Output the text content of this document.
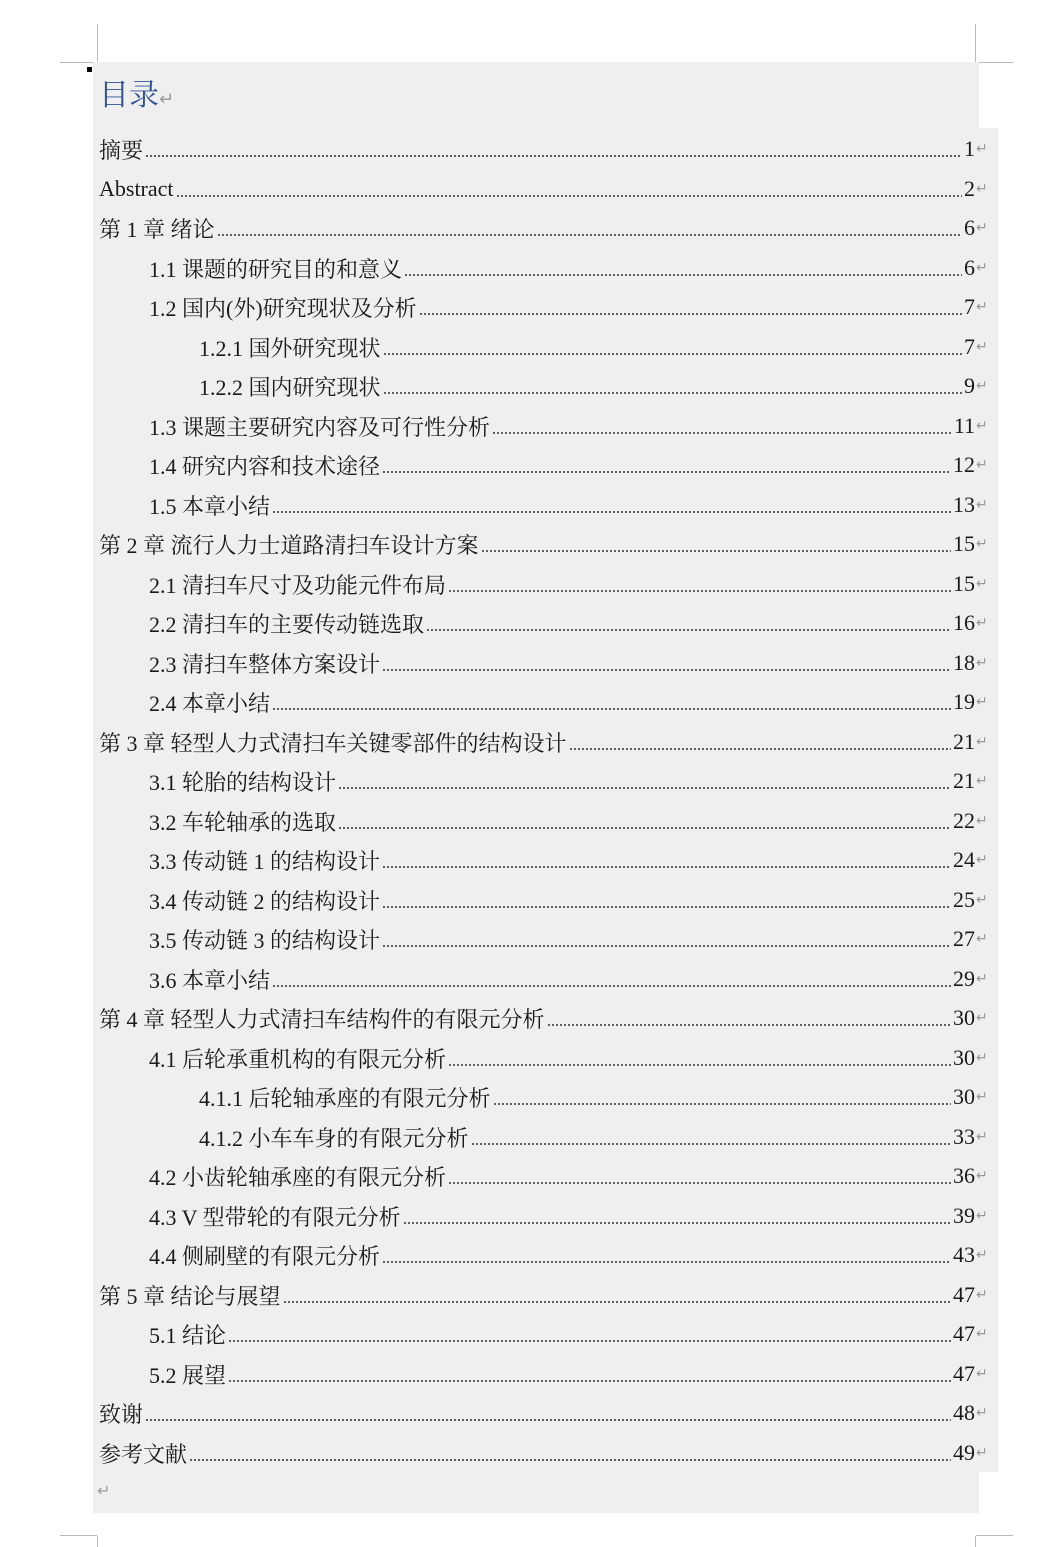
目录↵
摘要	1 ↵
Abstract	2 ↵
第 1 章 绪论	6 ↵
1.1 课题的研究目的和意义	6 ↵
1.2 国内(外)研究现状及分析	7 ↵
1.2.1 国外研究现状	7 ↵
1.2.2 国内研究现状	9 ↵
1.3 课题主要研究内容及可行性分析	11 ↵
1.4 研究内容和技术途径	12 ↵
1.5 本章小结	13 ↵
第 2 章 流行人力士道路清扫车设计方案	15 ↵
2.1 清扫车尺寸及功能元件布局	15 ↵
2.2 清扫车的主要传动链选取	16 ↵
2.3 清扫车整体方案设计	18 ↵
2.4 本章小结	19 ↵
第 3 章 轻型人力式清扫车关键零部件的结构设计	21 ↵
3.1 轮胎的结构设计	21 ↵
3.2 车轮轴承的选取	22 ↵
3.3 传动链 1 的结构设计	24 ↵
3.4 传动链 2 的结构设计	25 ↵
3.5 传动链 3 的结构设计	27 ↵
3.6 本章小结	29 ↵
第 4 章 轻型人力式清扫车结构件的有限元分析	30 ↵
4.1 后轮承重机构的有限元分析	30 ↵
4.1.1 后轮轴承座的有限元分析	30 ↵
4.1.2 小车车身的有限元分析	33 ↵
4.2 小齿轮轴承座的有限元分析	36 ↵
4.3 V 型带轮的有限元分析	39 ↵
4.4 侧刷壁的有限元分析	43 ↵
第 5 章 结论与展望	47 ↵
5.1 结论	47 ↵
5.2 展望	47 ↵
致谢	48 ↵
参考文献	49 ↵
↵
